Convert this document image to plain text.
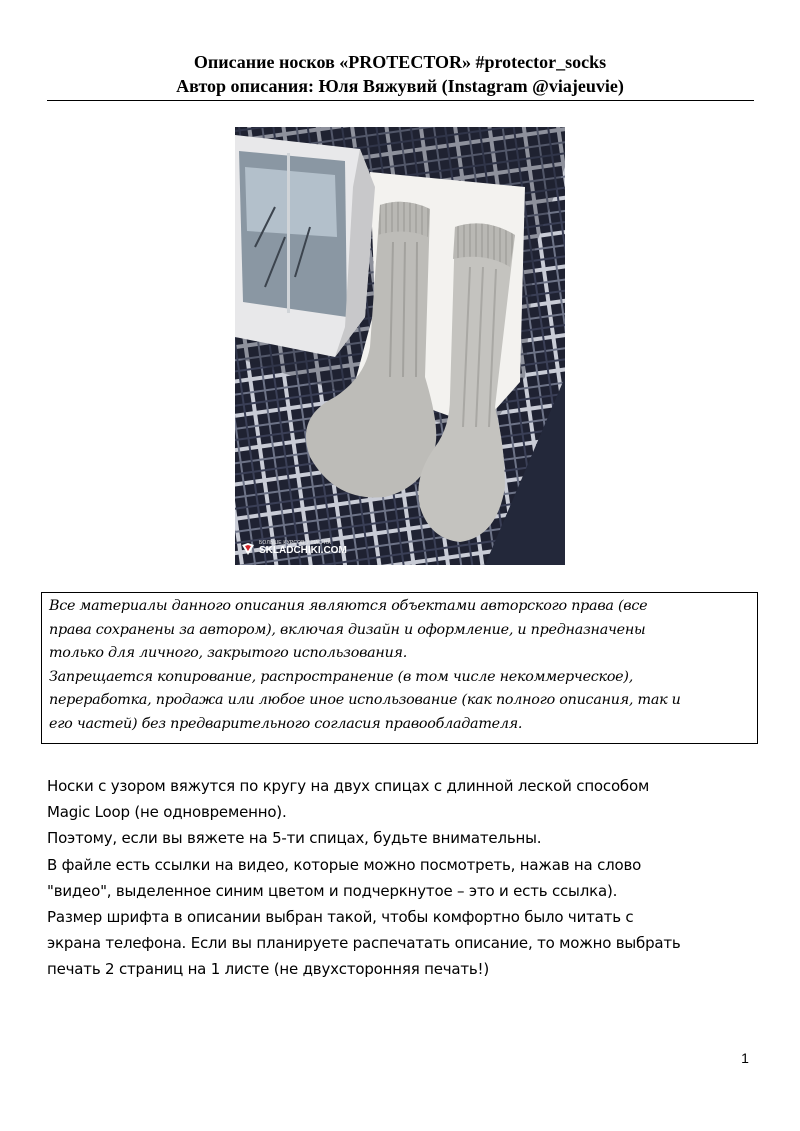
Описание носков «PROTECTOR» #protector_socks
Автор описания: Юля Вяжувий (Instagram @viajeuvie)
БОЛЬШЕ КУРСОВ У НАС НА
SKLADCHIKI.COM

Все материалы данного описания являются объектами авторского права (все

права сохранены за автором), включая дизайн и оформление, и предназначены

только для личного, закрытого использования.

Запрещается копирование, распространение (в том числе некоммерческое),

переработка, продажа или любое иное использование (как полного описания, так и

его частей) без предварительного согласия правообладателя.

Носки с узором вяжутся по кругу на двух спицах с длинной леской способом

Magic Loop (не одновременно).

Поэтому, если вы вяжете на 5-ти спицах, будьте внимательны.

В файле есть ссылки на видео, которые можно посмотреть, нажав на слово

"видео", выделенное синим цветом и подчеркнутое – это и есть ссылка).

Размер шрифта в описании выбран такой, чтобы комфортно было читать с

экрана телефона. Если вы планируете распечатать описание, то можно выбрать

печать 2 страниц на 1 листе (не двухсторонняя печать!)

1
